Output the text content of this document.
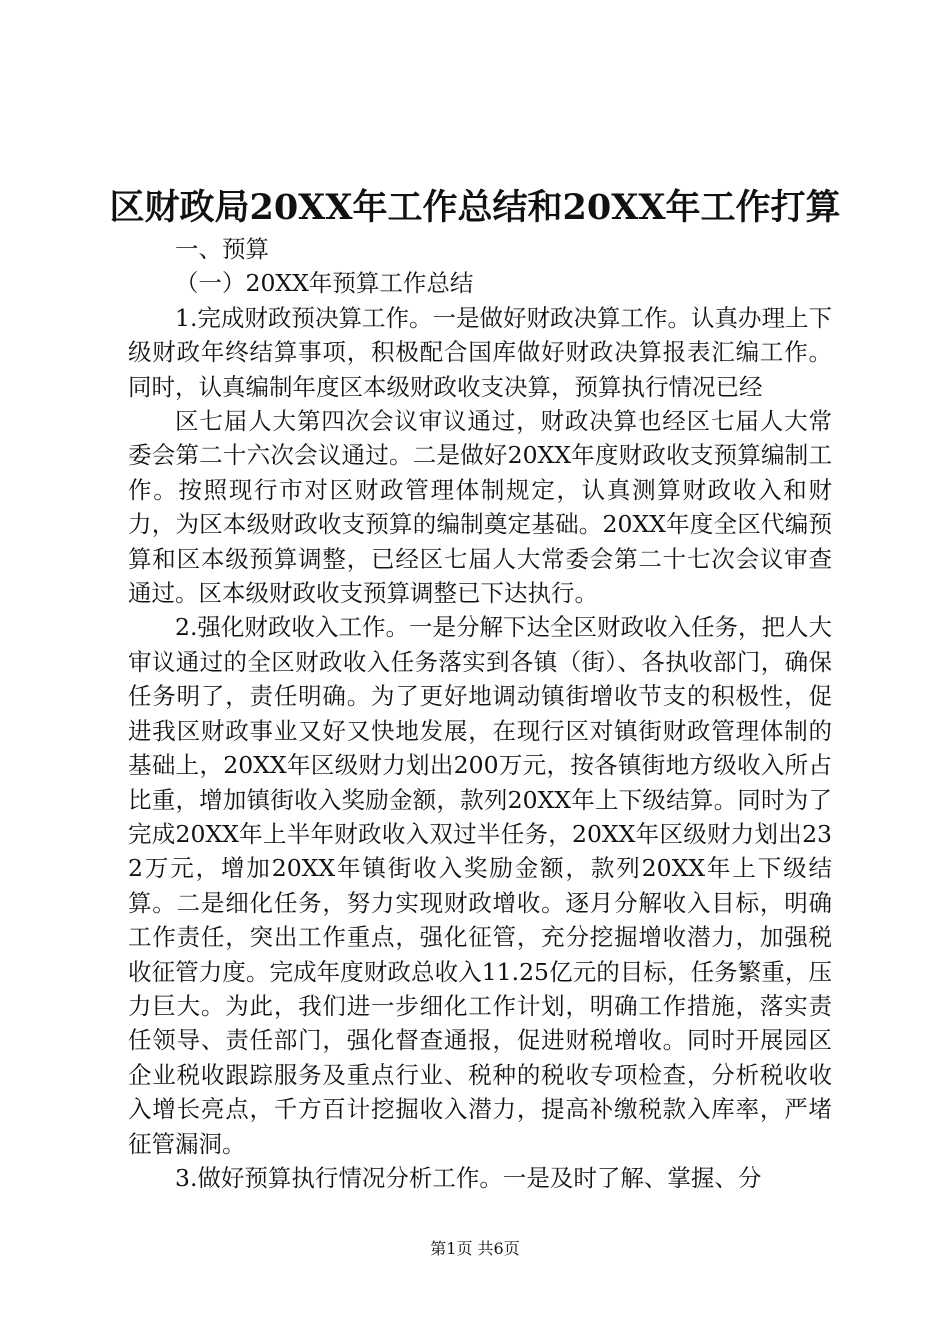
区财政局20XX年工作总结和20XX年工作打算

一、预算

（一）20XX年预算工作总结

1.完成财政预决算工作。一是做好财政决算工作。认真办理上下级财政年终结算事项，积极配合国库做好财政决算报表汇编工作。同时，认真编制年度区本级财政收支决算，预算执行情况已经

区七届人大第四次会议审议通过，财政决算也经区七届人大常委会第二十六次会议通过。二是做好20XX年度财政收支预算编制工作。按照现行市对区财政管理体制规定，认真测算财政收入和财力，为区本级财政收支预算的编制奠定基础。20XX年度全区代编预算和区本级预算调整，已经区七届人大常委会第二十七次会议审查通过。区本级财政收支预算调整已下达执行。

2.强化财政收入工作。一是分解下达全区财政收入任务，把人大审议通过的全区财政收入任务落实到各镇（街）、各执收部门，确保任务明了，责任明确。为了更好地调动镇街增收节支的积极性，促进我区财政事业又好又快地发展，在现行区对镇街财政管理体制的基础上，20XX年区级财力划出200万元，按各镇街地方级收入所占比重，增加镇街收入奖励金额，款列20XX年上下级结算。同时为了完成20XX年上半年财政收入双过半任务，20XX年区级财力划出232万元，增加20XX年镇街收入奖励金额，款列20XX年上下级结算。二是细化任务，努力实现财政增收。逐月分解收入目标，明确工作责任，突出工作重点，强化征管，充分挖掘增收潜力，加强税收征管力度。完成年度财政总收入11.25亿元的目标，任务繁重，压力巨大。为此，我们进一步细化工作计划，明确工作措施，落实责任领导、责任部门，强化督查通报，促进财税增收。同时开展园区企业税收跟踪服务及重点行业、税种的税收专项检查，分析税收收入增长亮点，千方百计挖掘收入潜力，提高补缴税款入库率，严堵征管漏洞。

3.做好预算执行情况分析工作。一是及时了解、掌握、分

第1页 共6页
